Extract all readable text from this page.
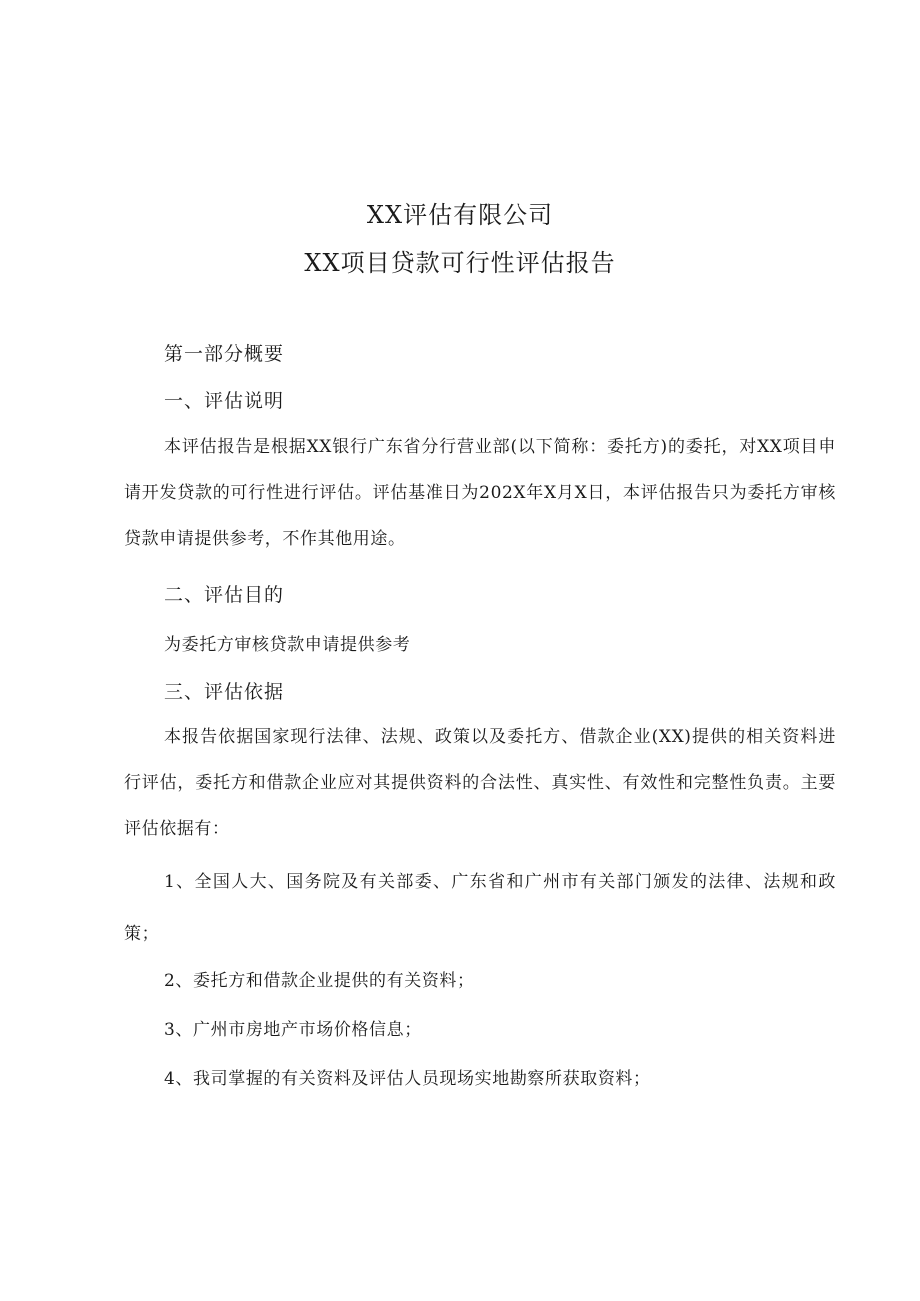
XX评估有限公司
XX项目贷款可行性评估报告
第一部分概要
一、评估说明
本评估报告是根据XX银行广东省分行营业部(以下简称：委托方)的委托，对XX项目申请开发贷款的可行性进行评估。评估基准日为202X年X月X日，本评估报告只为委托方审核贷款申请提供参考，不作其他用途。
二、评估目的
为委托方审核贷款申请提供参考
三、评估依据
本报告依据国家现行法律、法规、政策以及委托方、借款企业(XX)提供的相关资料进行评估，委托方和借款企业应对其提供资料的合法性、真实性、有效性和完整性负责。主要评估依据有：
1、全国人大、国务院及有关部委、广东省和广州市有关部门颁发的法律、法规和政策；
2、委托方和借款企业提供的有关资料；
3、广州市房地产市场价格信息；
4、我司掌握的有关资料及评估人员现场实地勘察所获取资料；
